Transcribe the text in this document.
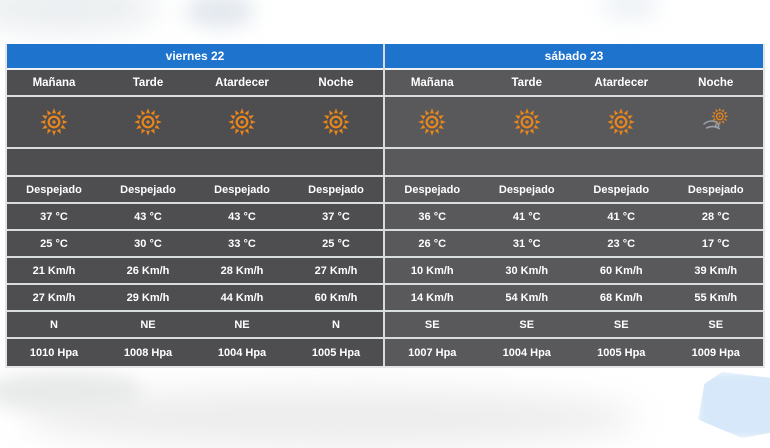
viernes 22
Mañana	Tarde	Atardecer	Noche
Despejado	Despejado	Despejado	Despejado
37 °C	43 °C	43 °C	37 °C
25 °C	30 °C	33 °C	25 °C
21 Km/h	26 Km/h	28 Km/h	27 Km/h
27 Km/h	29 Km/h	44 Km/h	60 Km/h
N	NE	NE	N
1010 Hpa	1008 Hpa	1004 Hpa	1005 Hpa
sábado 23
Mañana	Tarde	Atardecer	Noche
Despejado	Despejado	Despejado	Despejado
36 °C	41 °C	41 °C	28 °C
26 °C	31 °C	23 °C	17 °C
10 Km/h	30 Km/h	60 Km/h	39 Km/h
14 Km/h	54 Km/h	68 Km/h	55 Km/h
SE	SE	SE	SE
1007 Hpa	1004 Hpa	1005 Hpa	1009 Hpa
